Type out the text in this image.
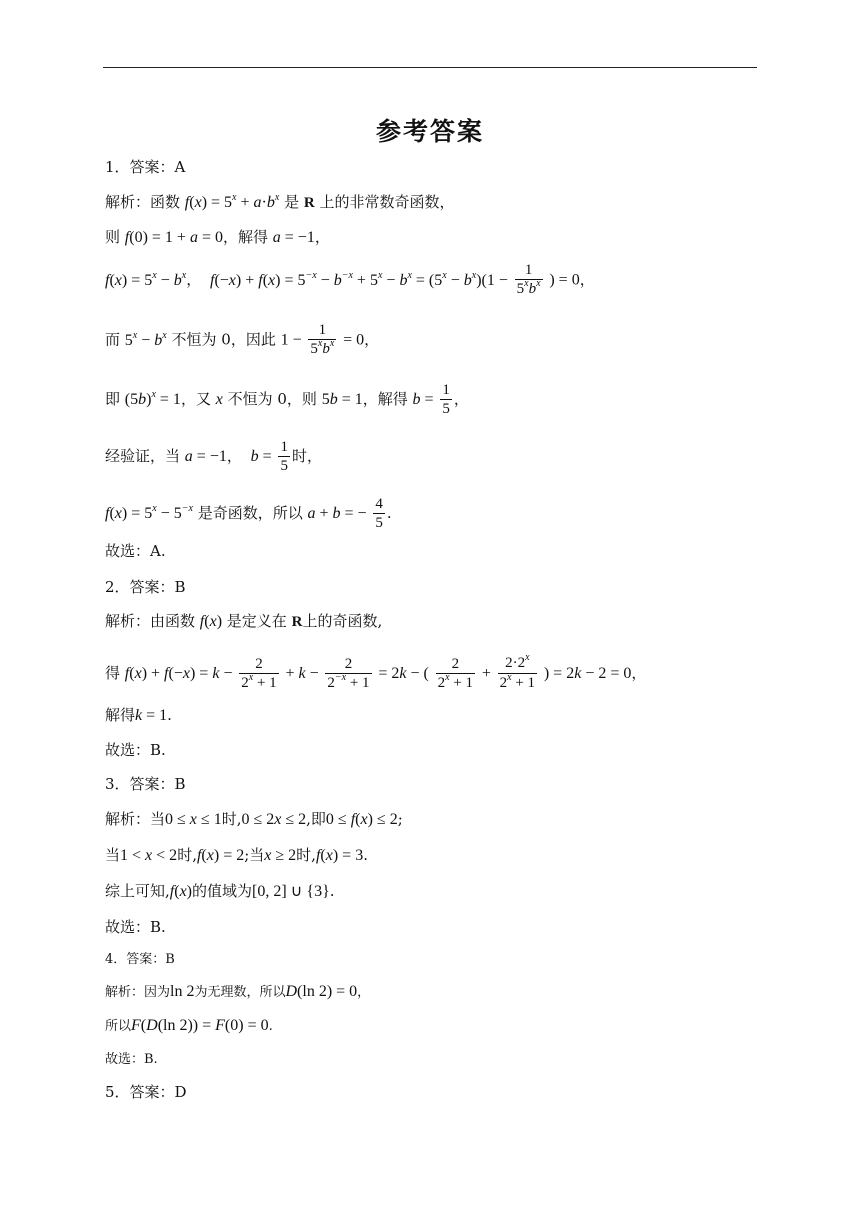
参考答案
1．答案：A
解析：函数 $f(x) = 5^x + a\cdot b^x$ 是 R 上的非常数奇函数，
则 f(0) = 1 + a = 0，解得 a = −1，
$f(x) = 5^x - b^x$， $f(-x) + f(x) = 5^{-x} - b^{-x} + 5^x - b^x = (5^x - b^x)(1 - \frac{1}{5^xb^x}$ ) = 0，
而 $5^x - b^x$ 不恒为 0，因此 $1 - \frac{1}{5^xb^x} = 0$，
即 $(5b)^x = 1$，又 x 不恒为 0，则 5b = 1，解得 $b = \frac{1}{5}$ ，
经验证，当 a = −1， $b = \frac{1}{5}$ 时，
$f(x) = 5^x - 5^{-x}$ 是奇函数，所以 a + b = − $\frac{4}{5}$ .
故选：A.
2．答案：B
解析：由函数 f(x) 是定义在 R上的奇函数,
得 $f(x) + f(-x) = k - \frac{2}{2^x + 1} + k - \frac{2}{2^{-x} + 1} = 2k$ − ( $\frac{2}{2^x + 1} + \frac{2\cdot 2^x}{2^x + 1}$ ) = 2k − 2 = 0，
解得k = 1.
故选：B.
3．答案：B
解析：当0 ≤ x ≤ 1时,0 ≤ 2x ≤ 2,即0 ≤ f(x) ≤ 2;
当1 < x < 2时,f(x) = 2;当x ≥ 2时,f(x) = 3.
综上可知,f(x)的值域为[0, 2] ∪ {3}.
故选：B.
4．答案：B
解析：因为ln 2为无理数，所以D(ln 2) = 0，
所以F(D(ln 2)) = F(0) = 0.
故选：B.
5．答案：D
